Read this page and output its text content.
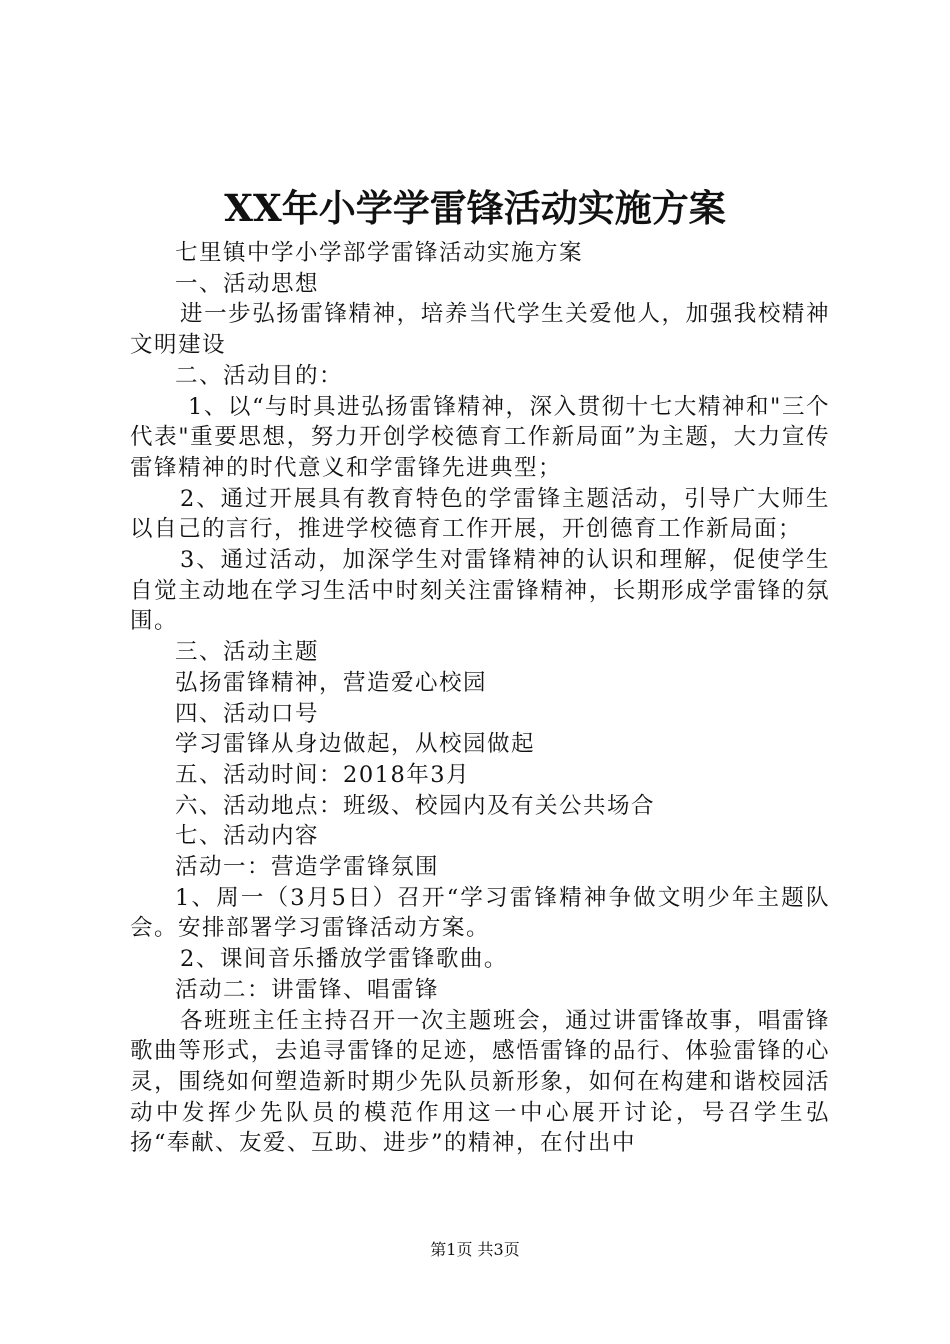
XX年小学学雷锋活动实施方案

七里镇中学小学部学雷锋活动实施方案

一、活动思想

进一步弘扬雷锋精神，培养当代学生关爱他人，加强我校精神文明建设

二、活动目的：

1、以“与时具进弘扬雷锋精神，深入贯彻十七大精神和"三个代表"重要思想，努力开创学校德育工作新局面”为主题，大力宣传雷锋精神的时代意义和学雷锋先进典型；

2、通过开展具有教育特色的学雷锋主题活动，引导广大师生以自己的言行，推进学校德育工作开展，开创德育工作新局面；

3、通过活动，加深学生对雷锋精神的认识和理解，促使学生自觉主动地在学习生活中时刻关注雷锋精神，长期形成学雷锋的氛围。

三、活动主题

弘扬雷锋精神，营造爱心校园

四、活动口号

学习雷锋从身边做起，从校园做起

五、活动时间：2018年3月

六、活动地点：班级、校园内及有关公共场合

七、活动内容

活动一：营造学雷锋氛围

1、周一（3月5日）召开“学习雷锋精神争做文明少年主题队会。安排部署学习雷锋活动方案。

2、课间音乐播放学雷锋歌曲。

活动二：讲雷锋、唱雷锋

各班班主任主持召开一次主题班会，通过讲雷锋故事，唱雷锋歌曲等形式，去追寻雷锋的足迹，感悟雷锋的品行、体验雷锋的心灵，围绕如何塑造新时期少先队员新形象，如何在构建和谐校园活动中发挥少先队员的模范作用这一中心展开讨论，号召学生弘扬“奉献、友爱、互助、进步”的精神，在付出中

第1页 共3页
